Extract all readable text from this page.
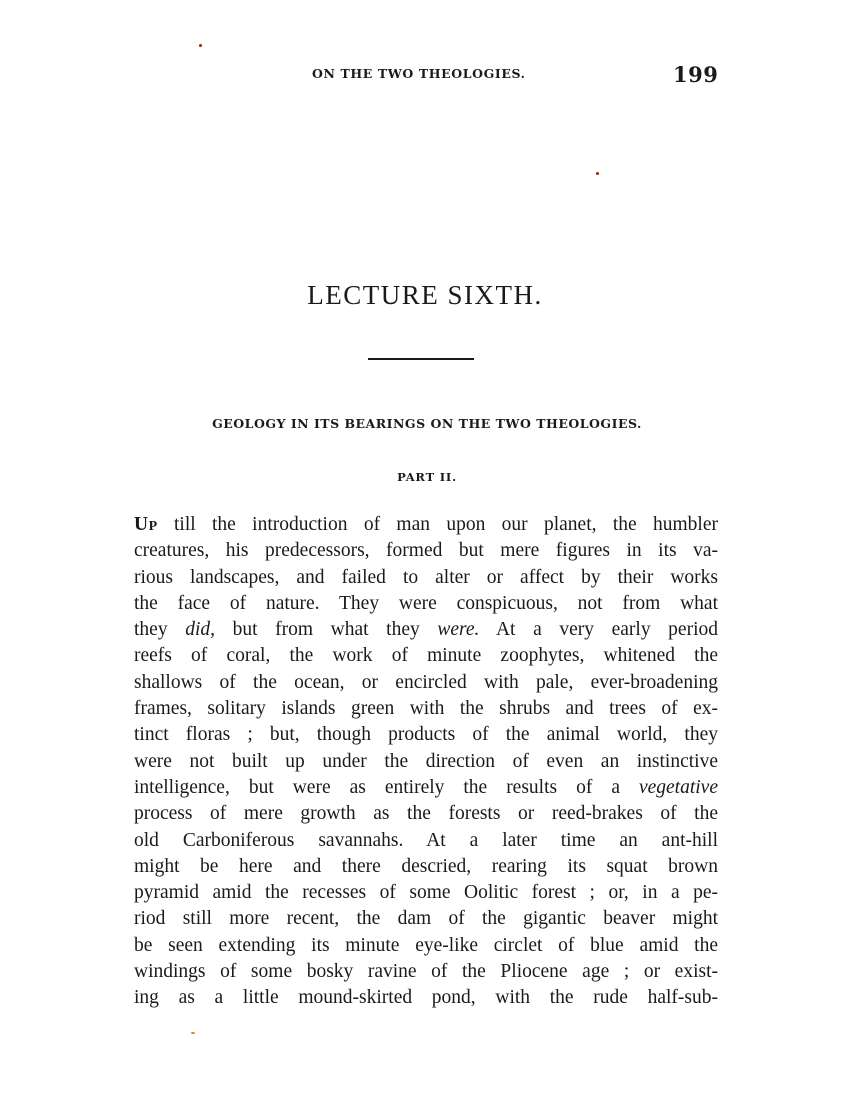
ON THE TWO THEOLOGIES.	199
LECTURE SIXTH.
GEOLOGY IN ITS BEARINGS ON THE TWO THEOLOGIES.
PART II.
Up till the introduction of man upon our planet, the humbler
creatures, his predecessors, formed but mere figures in its va-
rious landscapes, and failed to alter or affect by their works
the face of nature. They were conspicuous, not from what
they did, but from what they were. At a very early period
reefs of coral, the work of minute zoophytes, whitened the
shallows of the ocean, or encircled with pale, ever-broadening
frames, solitary islands green with the shrubs and trees of ex-
tinct floras ; but, though products of the animal world, they
were not built up under the direction of even an instinctive
intelligence, but were as entirely the results of a vegetative
process of mere growth as the forests or reed-brakes of the
old Carboniferous savannahs. At a later time an ant-hill
might be here and there descried, rearing its squat brown
pyramid amid the recesses of some Oolitic forest ; or, in a pe-
riod still more recent, the dam of the gigantic beaver might
be seen extending its minute eye-like circlet of blue amid the
windings of some bosky ravine of the Pliocene age ; or exist-
ing as a little mound-skirted pond, with the rude half-sub-
